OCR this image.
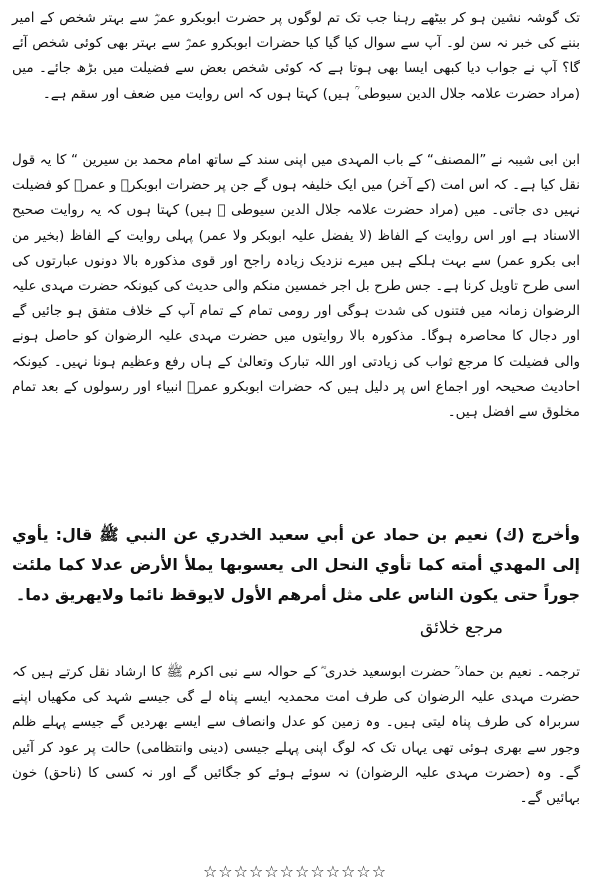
تک گوشہ نشین ہو کر بیٹھے رہنا جب تک تم لوگوں پر حضرت ابوبکرو عمرؓ سے بہتر شخص کے امیر بننے کی خبر نہ سن لو۔ آپ سے سوال کیا گیا کیا حضرات ابوبکرو عمرؓ سے بہتر بھی کوئی شخص آئے گا؟ آپ نے جواب دیا کبھی ایسا بھی ہوتا ہے کہ کوئی شخص بعض سے فضیلت میں بڑھ جائے۔ میں (مراد حضرت علامہ جلال الدین سیوطی ؒ ہیں) کہتا ہوں کہ اس روایت میں ضعف اور سقم ہے۔

ابن ابی شیبہ نے ”المصنف“ کے باب المہدی میں اپنی سند کے ساتھ امام محمد بن سیرین “ کا یہ قول نقل کیا ہے۔ کہ اس امت (کے آخر) میں ایک خلیفہ ہوں گے جن پر حضرات ابوبکرؓ و عمرؓ کو فضیلت نہیں دی جاتی۔ میں (مراد حضرت علامہ جلال الدین سیوطی ؒ ہیں) کہتا ہوں کہ یہ روایت صحیح الاسناد ہے اور اس روایت کے الفاظ (لا یفضل علیہ ابوبکر ولا عمر) پہلی روایت کے الفاظ (بخیر من ابی بکرو عمر) سے بہت ہلکے ہیں میرے نزدیک زیادہ راجح اور قوی مذکورہ بالا دونوں عبارتوں کی اسی طرح تاویل کرنا ہے۔ جس طرح بل اجر خمسین منکم والی حدیث کی کیونکہ حضرت مہدی علیہ الرضوان زمانہ میں فتنوں کی شدت ہوگی اور رومی تمام کے تمام آپ کے خلاف متفق ہو جائیں گے اور دجال کا محاصرہ ہوگا۔ مذکورہ بالا روایتوں میں حضرت مہدی علیہ الرضوان کو حاصل ہونے والی فضیلت کا مرجع ثواب کی زیادتی اور اللہ تبارک وتعالیٰ کے ہاں رفع وعظیم ہونا نہیں۔ کیونکہ احادیث صحیحہ اور اجماع اس پر دلیل ہیں کہ حضرات ابوبکرو عمرؓ انبیاء اور رسولوں کے بعد تمام مخلوق سے افضل ہیں۔

وأخرج (ك) نعيم بن حماد عن أبي سعيد الخدري عن النبي ﷺ قال: يأوي إلى المهدي أمته كما تأوي النحل الى يعسوبها يملأ الأرض عدلا كما ملئت جوراً حتى يكون الناس على مثل أمرهم الأول لايوقظ نائما ولايهريق دما۔

مرجع خلائق

ترجمہ۔ نعیم بن حماد ؒ حضرت ابوسعید خدری ؓ کے حوالہ سے نبی اکرم ﷺ کا ارشاد نقل کرتے ہیں کہ حضرت مہدی علیہ الرضوان کی طرف امت محمدیہ ایسے پناہ لے گی جیسے شہد کی مکھیاں اپنے سربراہ کی طرف پناہ لیتی ہیں۔ وہ زمین کو عدل وانصاف سے ایسے بھردیں گے جیسے پہلے ظلم وجور سے بھری ہوئی تھی یہاں تک کہ لوگ اپنی پہلے جیسی (دینی وانتظامی) حالت پر عود کر آئیں گے۔ وہ (حضرت مہدی علیہ الرضوان) نہ سوئے ہوئے کو جگائیں گے اور نہ کسی کا (ناحق) خون بہائیں گے۔

☆☆☆☆☆☆☆☆☆☆☆☆
